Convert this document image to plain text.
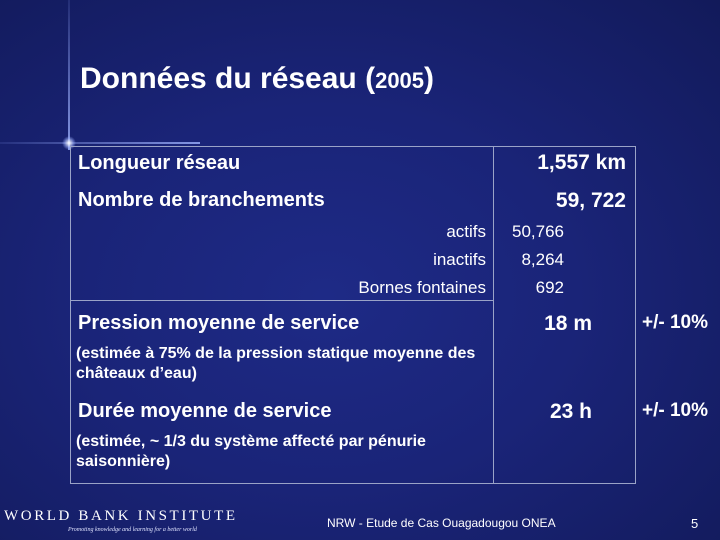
Données du réseau (2005)
Longueur réseau	1,557 km
Nombre de branchements	59, 722
actifs 50,766
inactifs 8,264
Bornes fontaines	692
Pression moyenne de service	18 m	+/- 10%
(estimée à 75% de la pression statique moyenne des châteaux d’eau)
Durée moyenne de service	23 h	+/- 10%
(estimée, ~ 1/3 du système affecté par pénurie saisonnière)
WORLD BANK INSTITUTE
Promoting knowledge and learning for a better world	NRW - Etude de Cas Ouagadougou ONEA	5
